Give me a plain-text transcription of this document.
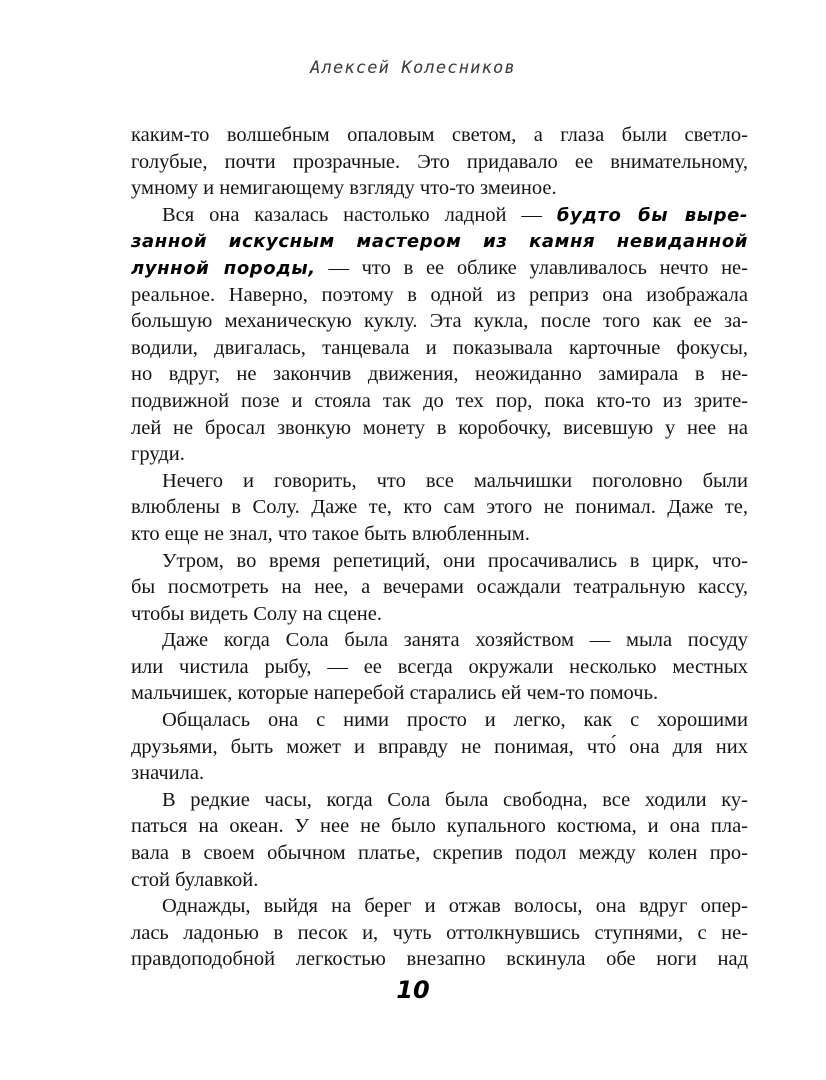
Алексей Колесников
каким-то волшебным опаловым светом, а глаза были светло-
голубые, почти прозрачные. Это придавало ее внимательному,
умному и немигающему взгляду что-то змеиное.
Вся она казалась настолько ладной — будто бы выре-
занной искусным мастером из камня невиданной
лунной породы, — что в ее облике улавливалось нечто не-
реальное. Наверно, поэтому в одной из реприз она изображала
большую механическую куклу. Эта кукла, после того как ее за-
водили, двигалась, танцевала и показывала карточные фокусы,
но вдруг, не закончив движения, неожиданно замирала в не-
подвижной позе и стояла так до тех пор, пока кто-то из зрите-
лей не бросал звонкую монету в коробочку, висевшую у нее на
груди.
Нечего и говорить, что все мальчишки поголовно были
влюблены в Солу. Даже те, кто сам этого не понимал. Даже те,
кто еще не знал, что такое быть влюбленным.
Утром, во время репетиций, они просачивались в цирк, что-
бы посмотреть на нее, а вечерами осаждали театральную кассу,
чтобы видеть Солу на сцене.
Даже когда Сола была занята хозяйством — мыла посуду
или чистила рыбу, — ее всегда окружали несколько местных
мальчишек, которые наперебой старались ей чем-то помочь.
Общалась она с ними просто и легко, как с хорошими
друзьями, быть может и вправду не понимая, что́ она для них
значила.
В редкие часы, когда Сола была свободна, все ходили ку-
паться на океан. У нее не было купального костюма, и она пла-
вала в своем обычном платье, скрепив подол между колен про-
стой булавкой.
Однажды, выйдя на берег и отжав волосы, она вдруг опер-
лась ладонью в песок и, чуть оттолкнувшись ступнями, с не-
правдоподобной легкостью внезапно вскинула обе ноги над
10
